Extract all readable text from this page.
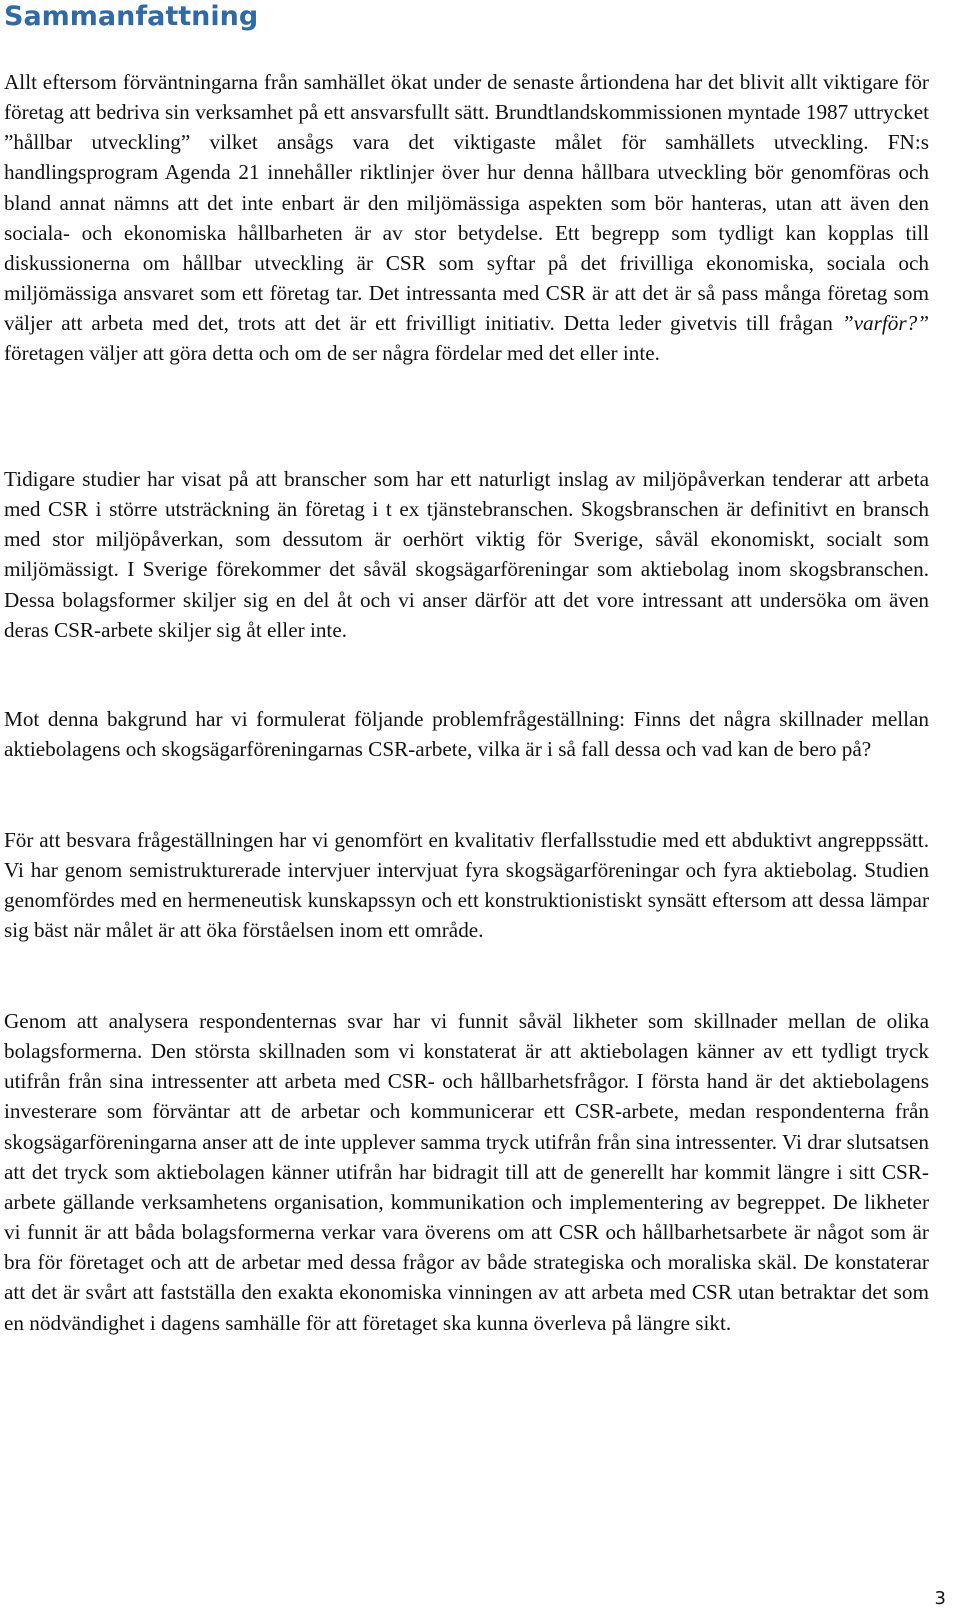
Sammanfattning

Allt eftersom förväntningarna från samhället ökat under de senaste årtiondena har det blivit allt viktigare för företag att bedriva sin verksamhet på ett ansvarsfullt sätt. Brundtlandskommissionen myntade 1987 uttrycket ”hållbar utveckling” vilket ansågs vara det viktigaste målet för samhällets utveckling. FN:s handlingsprogram Agenda 21 innehåller riktlinjer över hur denna hållbara utveckling bör genomföras och bland annat nämns att det inte enbart är den miljömässiga aspekten som bör hanteras, utan att även den sociala- och ekonomiska hållbarheten är av stor betydelse. Ett begrepp som tydligt kan kopplas till diskussionerna om hållbar utveckling är CSR som syftar på det frivilliga ekonomiska, sociala och miljömässiga ansvaret som ett företag tar. Det intressanta med CSR är att det är så pass många företag som väljer att arbeta med det, trots att det är ett frivilligt initiativ. Detta leder givetvis till frågan ”varför?” företagen väljer att göra detta och om de ser några fördelar med det eller inte.

Tidigare studier har visat på att branscher som har ett naturligt inslag av miljöpåverkan tenderar att arbeta med CSR i större utsträckning än företag i t ex tjänstebranschen. Skogsbranschen är definitivt en bransch med stor miljöpåverkan, som dessutom är oerhört viktig för Sverige, såväl ekonomiskt, socialt som miljömässigt. I Sverige förekommer det såväl skogsägarföreningar som aktiebolag inom skogsbranschen. Dessa bolagsformer skiljer sig en del åt och vi anser därför att det vore intressant att undersöka om även deras CSR-arbete skiljer sig åt eller inte.

Mot denna bakgrund har vi formulerat följande problemfrågeställning: Finns det några skillnader mellan aktiebolagens och skogsägarföreningarnas CSR-arbete, vilka är i så fall dessa och vad kan de bero på?

För att besvara frågeställningen har vi genomfört en kvalitativ flerfallsstudie med ett abduktivt angreppssätt. Vi har genom semistrukturerade intervjuer intervjuat fyra skogsägarföreningar och fyra aktiebolag. Studien genomfördes med en hermeneutisk kunskapssyn och ett konstruktionistiskt synsätt eftersom att dessa lämpar sig bäst när målet är att öka förståelsen inom ett område.

Genom att analysera respondenternas svar har vi funnit såväl likheter som skillnader mellan de olika bolagsformerna. Den största skillnaden som vi konstaterat är att aktiebolagen känner av ett tydligt tryck utifrån från sina intressenter att arbeta med CSR- och hållbarhetsfrågor. I första hand är det aktiebolagens investerare som förväntar att de arbetar och kommunicerar ett CSR-arbete, medan respondenterna från skogsägarföreningarna anser att de inte upplever samma tryck utifrån från sina intressenter. Vi drar slutsatsen att det tryck som aktiebolagen känner utifrån har bidragit till att de generellt har kommit längre i sitt CSR-arbete gällande verksamhetens organisation, kommunikation och implementering av begreppet. De likheter vi funnit är att båda bolagsformerna verkar vara överens om att CSR och hållbarhetsarbete är något som är bra för företaget och att de arbetar med dessa frågor av både strategiska och moraliska skäl. De konstaterar att det är svårt att fastställa den exakta ekonomiska vinningen av att arbeta med CSR utan betraktar det som en nödvändighet i dagens samhälle för att företaget ska kunna överleva på längre sikt.

3
